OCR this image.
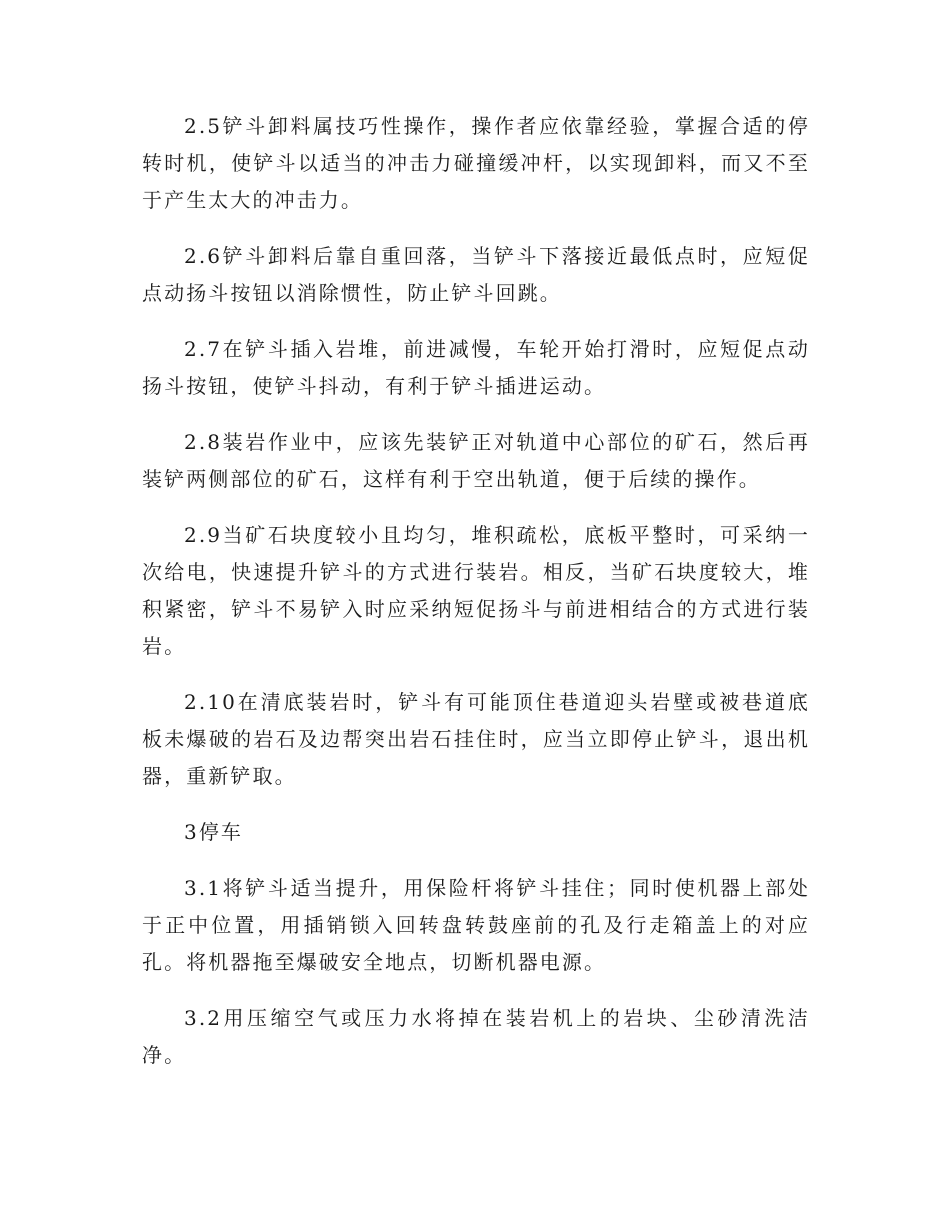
2.5铲斗卸料属技巧性操作，操作者应依靠经验，掌握合适的停转时机，使铲斗以适当的冲击力碰撞缓冲杆，以实现卸料，而又不至于产生太大的冲击力。

2.6铲斗卸料后靠自重回落，当铲斗下落接近最低点时，应短促点动扬斗按钮以消除惯性，防止铲斗回跳。

2.7在铲斗插入岩堆，前进减慢，车轮开始打滑时，应短促点动扬斗按钮，使铲斗抖动，有利于铲斗插进运动。

2.8装岩作业中，应该先装铲正对轨道中心部位的矿石，然后再装铲两侧部位的矿石，这样有利于空出轨道，便于后续的操作。

2.9当矿石块度较小且均匀，堆积疏松，底板平整时，可采纳一次给电，快速提升铲斗的方式进行装岩。相反，当矿石块度较大，堆积紧密，铲斗不易铲入时应采纳短促扬斗与前进相结合的方式进行装岩。

2.10在清底装岩时，铲斗有可能顶住巷道迎头岩壁或被巷道底板未爆破的岩石及边帮突出岩石挂住时，应当立即停止铲斗，退出机器，重新铲取。

3停车

3.1将铲斗适当提升，用保险杆将铲斗挂住；同时使机器上部处于正中位置，用插销锁入回转盘转鼓座前的孔及行走箱盖上的对应孔。将机器拖至爆破安全地点，切断机器电源。

3.2用压缩空气或压力水将掉在装岩机上的岩块、尘砂清洗洁净。
